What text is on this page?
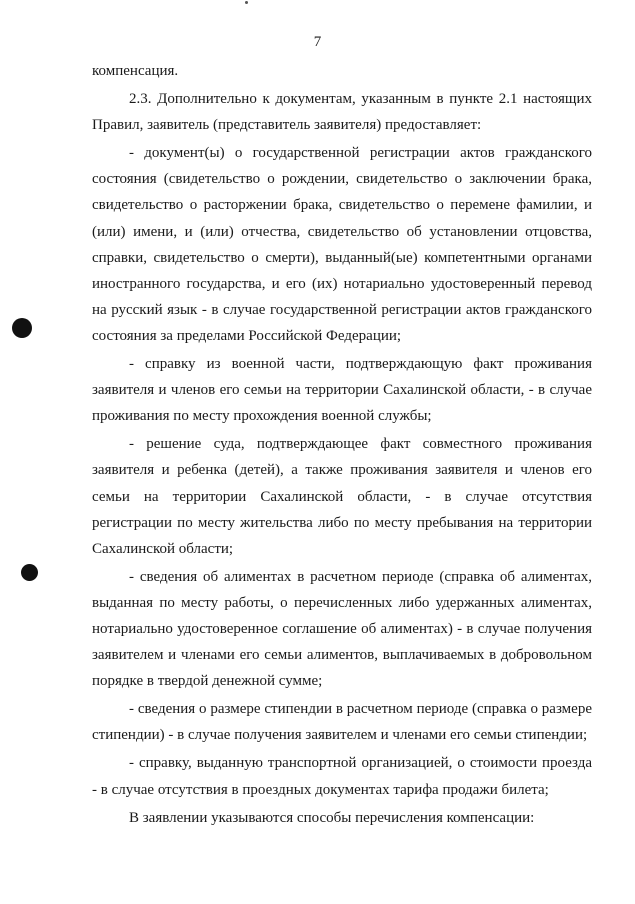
7

компенсация.

2.3. Дополнительно к документам, указанным в пункте 2.1 настоящих Правил, заявитель (представитель заявителя) предоставляет:

- документ(ы) о государственной регистрации актов гражданского состояния (свидетельство о рождении, свидетельство о заключении брака, свидетельство о расторжении брака, свидетельство о перемене фамилии, и (или) имени, и (или) отчества, свидетельство об установлении отцовства, справки, свидетельство о смерти), выданный(ые) компетентными органами иностранного государства, и его (их) нотариально удостоверенный перевод на русский язык - в случае государственной регистрации актов гражданского состояния за пределами Российской Федерации;

- справку из военной части, подтверждающую факт проживания заявителя и членов его семьи на территории Сахалинской области, - в случае проживания по месту прохождения военной службы;

- решение суда, подтверждающее факт совместного проживания заявителя и ребенка (детей), а также проживания заявителя и членов его семьи на территории Сахалинской области, - в случае отсутствия регистрации по месту жительства либо по месту пребывания на территории Сахалинской области;

- сведения об алиментах в расчетном периоде (справка об алиментах, выданная по месту работы, о перечисленных либо удержанных алиментах, нотариально удостоверенное соглашение об алиментах) - в случае получения заявителем и членами его семьи алиментов, выплачиваемых в добровольном порядке в твердой денежной сумме;

- сведения о размере стипендии в расчетном периоде (справка о размере стипендии) - в случае получения заявителем и членами его семьи стипендии;

- справку, выданную транспортной организацией, о стоимости проезда - в случае отсутствия в проездных документах тарифа продажи билета;

В заявлении указываются способы перечисления компенсации:
